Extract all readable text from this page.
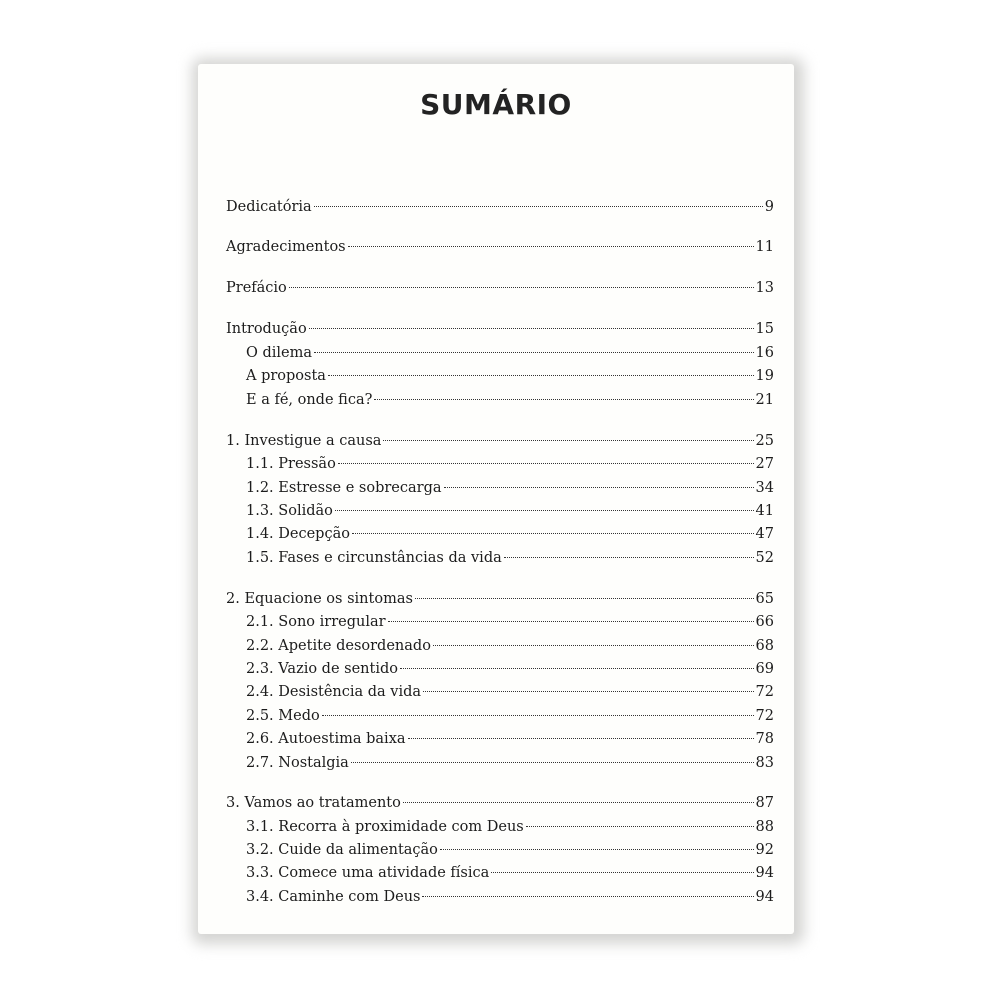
SUMÁRIO
Dedicatória	9
Agradecimentos	11
Prefácio	13
Introdução	15
O dilema	16
A proposta	19
E a fé, onde fica?	21
1. Investigue a causa	25
1.1. Pressão	27
1.2. Estresse e sobrecarga	34
1.3. Solidão	41
1.4. Decepção	47
1.5. Fases e circunstâncias da vida	52
2. Equacione os sintomas	65
2.1. Sono irregular	66
2.2. Apetite desordenado	68
2.3. Vazio de sentido	69
2.4. Desistência da vida	72
2.5. Medo	72
2.6. Autoestima baixa	78
2.7. Nostalgia	83
3. Vamos ao tratamento	87
3.1. Recorra à proximidade com Deus	88
3.2. Cuide da alimentação	92
3.3. Comece uma atividade física	94
3.4. Caminhe com Deus	94
